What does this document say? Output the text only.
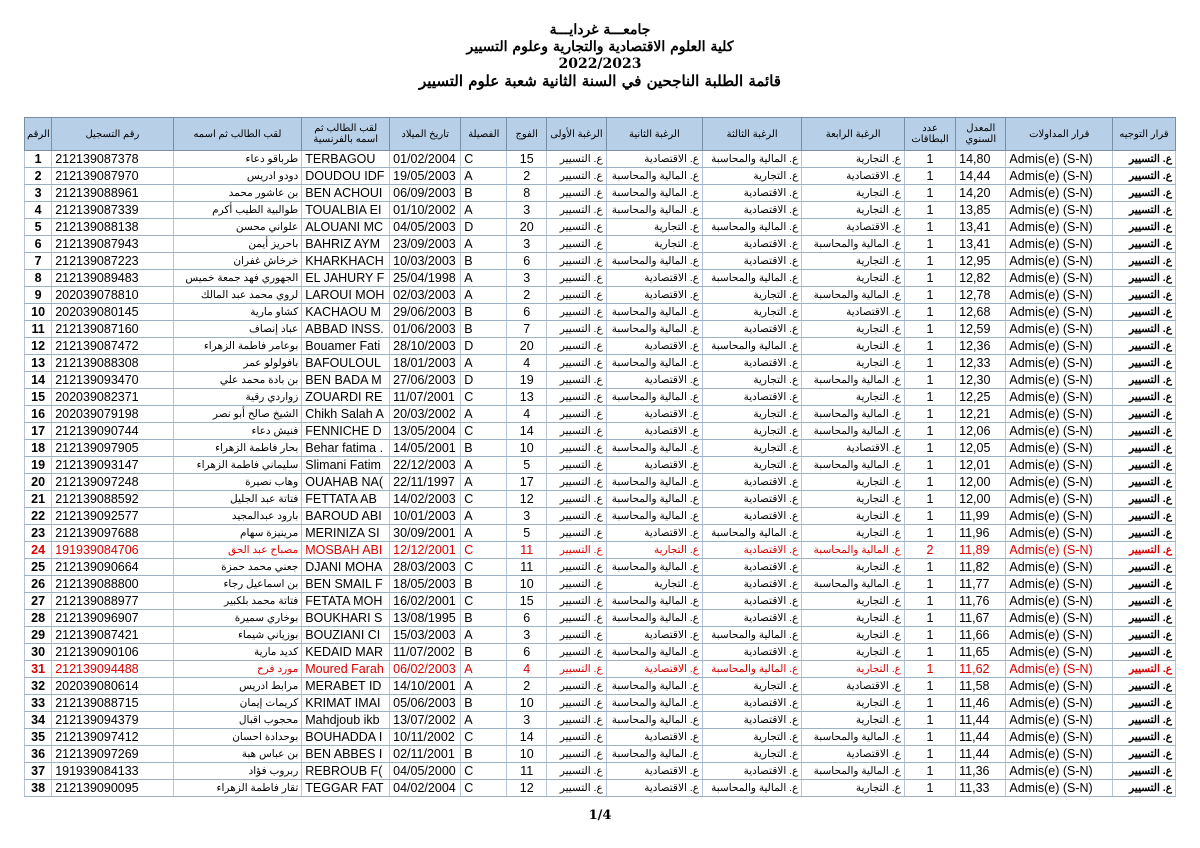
جامعـــة غردايـــة
كلية العلوم الاقتصادية والتجارية وعلوم التسيير
2022/2023
قائمة الطلبة الناجحين في السنة الثانية شعبة علوم التسيير
الرقم	رقم التسجيل	لقب الطالب ثم اسمه	لقب الطالب ثم اسمه بالفرنسية	تاريخ الميلاد	الفصيلة	الفوج	الرغبة الأولى	الرغبة الثانية	الرغبة الثالثة	الرغبة الرابعة	عدد البطاقات	المعدل السنوي	قرار المداولات	قرار التوجيه
1	212139087378	طرباقو دعاء	TERBAGOU	01/02/2004	C	15	ع. التسيير	ع. الاقتصادية	ع. المالية والمحاسبة	ع. التجارية	1	14,80	Admis(e) (S-N)	ع. التسيير
2	212139087970	دودو ادريس	DOUDOU IDF	19/05/2003	A	2	ع. التسيير	ع. المالية والمحاسبة	ع. التجارية	ع. الاقتصادية	1	14,44	Admis(e) (S-N)	ع. التسيير
3	212139088961	بن عاشور محمد	BEN ACHOUI	06/09/2003	B	8	ع. التسيير	ع. المالية والمحاسبة	ع. الاقتصادية	ع. التجارية	1	14,20	Admis(e) (S-N)	ع. التسيير
4	212139087339	طوالبية الطيب أكرم	TOUALBIA EI	01/10/2002	A	3	ع. التسيير	ع. المالية والمحاسبة	ع. الاقتصادية	ع. التجارية	1	13,85	Admis(e) (S-N)	ع. التسيير
5	212139088138	علواني محسن	ALOUANI MC	04/05/2003	D	20	ع. التسيير	ع. التجارية	ع. المالية والمحاسبة	ع. الاقتصادية	1	13,41	Admis(e) (S-N)	ع. التسيير
6	212139087943	باحريز أيمن	BAHRIZ AYM	23/09/2003	A	3	ع. التسيير	ع. التجارية	ع. الاقتصادية	ع. المالية والمحاسبة	1	13,41	Admis(e) (S-N)	ع. التسيير
7	212139087223	خرخاش غفران	KHARKHACH	10/03/2003	B	6	ع. التسيير	ع. المالية والمحاسبة	ع. الاقتصادية	ع. التجارية	1	12,95	Admis(e) (S-N)	ع. التسيير
8	212139089483	الجهوري فهد جمعة خميس	EL JAHURY F	25/04/1998	A	3	ع. التسيير	ع. الاقتصادية	ع. المالية والمحاسبة	ع. التجارية	1	12,82	Admis(e) (S-N)	ع. التسيير
9	202039078810	لروي محمد عبد المالك	LAROUI MOH	02/03/2003	A	2	ع. التسيير	ع. الاقتصادية	ع. التجارية	ع. المالية والمحاسبة	1	12,78	Admis(e) (S-N)	ع. التسيير
10	202039080145	كشاو مارية	KACHAOU M	29/06/2003	B	6	ع. التسيير	ع. المالية والمحاسبة	ع. التجارية	ع. الاقتصادية	1	12,68	Admis(e) (S-N)	ع. التسيير
11	212139087160	عباد إنصاف	ABBAD INSS.	01/06/2003	B	7	ع. التسيير	ع. المالية والمحاسبة	ع. الاقتصادية	ع. التجارية	1	12,59	Admis(e) (S-N)	ع. التسيير
12	212139087472	بوعامر فاطمة الزهراء	Bouamer Fati	28/10/2003	D	20	ع. التسيير	ع. الاقتصادية	ع. المالية والمحاسبة	ع. التجارية	1	12,36	Admis(e) (S-N)	ع. التسيير
13	212139088308	بافولولو عمر	BAFOULOUL	18/01/2003	A	4	ع. التسيير	ع. المالية والمحاسبة	ع. الاقتصادية	ع. التجارية	1	12,33	Admis(e) (S-N)	ع. التسيير
14	212139093470	بن بادة محمد علي	BEN BADA M	27/06/2003	D	19	ع. التسيير	ع. الاقتصادية	ع. التجارية	ع. المالية والمحاسبة	1	12,30	Admis(e) (S-N)	ع. التسيير
15	202039082371	زواردي رقية	ZOUARDI RE	11/07/2001	C	13	ع. التسيير	ع. المالية والمحاسبة	ع. الاقتصادية	ع. التجارية	1	12,25	Admis(e) (S-N)	ع. التسيير
16	202039079198	الشيخ صالح أبو نصر	Chikh Salah A	20/03/2002	A	4	ع. التسيير	ع. الاقتصادية	ع. التجارية	ع. المالية والمحاسبة	1	12,21	Admis(e) (S-N)	ع. التسيير
17	212139090744	فنيش دعاء	FENNICHE D	13/05/2004	C	14	ع. التسيير	ع. الاقتصادية	ع. التجارية	ع. المالية والمحاسبة	1	12,06	Admis(e) (S-N)	ع. التسيير
18	212139097905	بحار فاطمة الزهراء	Behar fatima .	14/05/2001	B	10	ع. التسيير	ع. المالية والمحاسبة	ع. التجارية	ع. الاقتصادية	1	12,05	Admis(e) (S-N)	ع. التسيير
19	212139093147	سليماني فاطمة الزهراء	Slimani Fatim	22/12/2003	A	5	ع. التسيير	ع. الاقتصادية	ع. التجارية	ع. المالية والمحاسبة	1	12,01	Admis(e) (S-N)	ع. التسيير
20	212139097248	وهاب نصيرة	OUAHAB NA(	22/11/1997	A	17	ع. التسيير	ع. المالية والمحاسبة	ع. الاقتصادية	ع. التجارية	1	12,00	Admis(e) (S-N)	ع. التسيير
21	212139088592	فتاتة عبد الجليل	FETTATA AB	14/02/2003	C	12	ع. التسيير	ع. المالية والمحاسبة	ع. الاقتصادية	ع. التجارية	1	12,00	Admis(e) (S-N)	ع. التسيير
22	212139092577	بارود عبدالمجيد	BAROUD ABI	10/01/2003	A	3	ع. التسيير	ع. المالية والمحاسبة	ع. الاقتصادية	ع. التجارية	1	11,99	Admis(e) (S-N)	ع. التسيير
23	212139097688	مرينيزة سهام	MERINIZA SI	30/09/2001	A	5	ع. التسيير	ع. الاقتصادية	ع. المالية والمحاسبة	ع. التجارية	1	11,96	Admis(e) (S-N)	ع. التسيير
24	191939084706	مصباح عبد الحق	MOSBAH ABI	12/12/2001	C	11	ع. التسيير	ع. التجارية	ع. الاقتصادية	ع. المالية والمحاسبة	2	11,89	Admis(e) (S-N)	ع. التسيير
25	212139090664	جعني محمد حمزة	DJANI MOHA	28/03/2003	C	11	ع. التسيير	ع. المالية والمحاسبة	ع. الاقتصادية	ع. التجارية	1	11,82	Admis(e) (S-N)	ع. التسيير
26	212139088800	بن اسماعيل رجاء	BEN SMAIL F	18/05/2003	B	10	ع. التسيير	ع. التجارية	ع. الاقتصادية	ع. المالية والمحاسبة	1	11,77	Admis(e) (S-N)	ع. التسيير
27	212139088977	فتاتة محمد بلكبير	FETATA MOH	16/02/2001	C	15	ع. التسيير	ع. المالية والمحاسبة	ع. الاقتصادية	ع. التجارية	1	11,76	Admis(e) (S-N)	ع. التسيير
28	212139096907	بوخاري سميرة	BOUKHARI S	13/08/1995	B	6	ع. التسيير	ع. المالية والمحاسبة	ع. الاقتصادية	ع. التجارية	1	11,67	Admis(e) (S-N)	ع. التسيير
29	212139087421	بوزياني شيماء	BOUZIANI CI	15/03/2003	A	3	ع. التسيير	ع. الاقتصادية	ع. المالية والمحاسبة	ع. التجارية	1	11,66	Admis(e) (S-N)	ع. التسيير
30	212139090106	كديد مارية	KEDAID MAR	11/07/2002	B	6	ع. التسيير	ع. المالية والمحاسبة	ع. الاقتصادية	ع. التجارية	1	11,65	Admis(e) (S-N)	ع. التسيير
31	212139094488	مورد فرح	Moured Farah	06/02/2003	A	4	ع. التسيير	ع. الاقتصادية	ع. المالية والمحاسبة	ع. التجارية	1	11,62	Admis(e) (S-N)	ع. التسيير
32	202039080614	مرابط ادريس	MERABET ID	14/10/2001	A	2	ع. التسيير	ع. المالية والمحاسبة	ع. التجارية	ع. الاقتصادية	1	11,58	Admis(e) (S-N)	ع. التسيير
33	212139088715	كريمات إيمان	KRIMAT IMAI	05/06/2003	B	10	ع. التسيير	ع. المالية والمحاسبة	ع. الاقتصادية	ع. التجارية	1	11,46	Admis(e) (S-N)	ع. التسيير
34	212139094379	محجوب اقبال	Mahdjoub ikb	13/07/2002	A	3	ع. التسيير	ع. المالية والمحاسبة	ع. الاقتصادية	ع. التجارية	1	11,44	Admis(e) (S-N)	ع. التسيير
35	212139097412	بوحدادة احسان	BOUHADDA I	10/11/2002	C	14	ع. التسيير	ع. الاقتصادية	ع. التجارية	ع. المالية والمحاسبة	1	11,44	Admis(e) (S-N)	ع. التسيير
36	212139097269	بن عباس هبة	BEN ABBES I	02/11/2001	B	10	ع. التسيير	ع. المالية والمحاسبة	ع. التجارية	ع. الاقتصادية	1	11,44	Admis(e) (S-N)	ع. التسيير
37	191939084133	ربروب فؤاد	REBROUB F(	04/05/2000	C	11	ع. التسيير	ع. الاقتصادية	ع. الاقتصادية	ع. المالية والمحاسبة	1	11,36	Admis(e) (S-N)	ع. التسيير
38	212139090095	تقار فاطمة الزهراء	TEGGAR FAT	04/02/2004	C	12	ع. التسيير	ع. الاقتصادية	ع. المالية والمحاسبة	ع. التجارية	1	11,33	Admis(e) (S-N)	ع. التسيير
1/4
